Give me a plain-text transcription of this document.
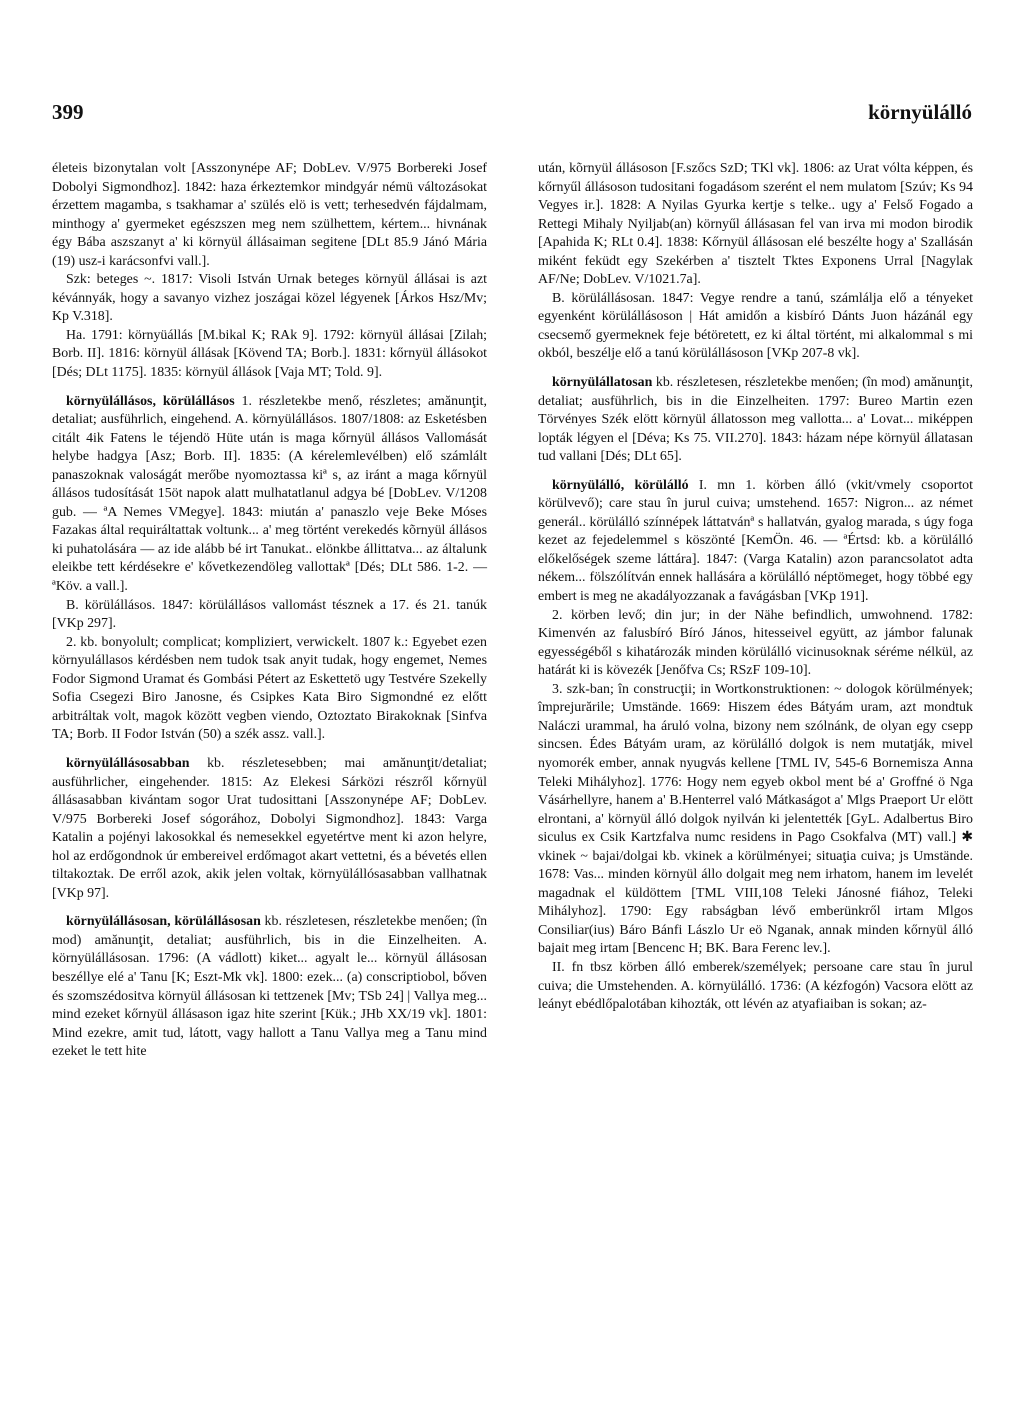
399	környülálló

életeis bizonytalan volt [Asszonynépe AF; DobLev. V/975 Borbereki Josef Dobolyi Sigmondhoz]. 1842: haza érkeztemkor mindgyár némü változásokat érzettem magamba, s tsakhamar a' szülés elö is vett; terhesedvén fájdalmam, minthogy a' gyermeket egészszen meg nem szülhettem, kértem... hivnának égy Bába aszszanyt a' ki környül állásaiman segitene [DLt 85.9 Jánó Mária (19) usz-i karácsonfvi vall.].

Szk: beteges ~. 1817: Visoli István Urnak beteges környül állásai is azt kévánnyák, hogy a savanyo vizhez joszágai közel légyenek [Árkos Hsz/Mv; Kp V.318].

Ha. 1791: környüállás [M.bikal K; RAk 9]. 1792: környül állásai [Zilah; Borb. II]. 1816: környül állásak [Kövend TA; Borb.]. 1831: kőrnyül állásokot [Dés; DLt 1175]. 1835: környül állások [Vaja MT; Told. 9].

környülállásos, körülállásos 1. részletekbe menő, részletes; amănunţit, detaliat; ausführlich, eingehend. A. környülállásos. 1807/1808: az Esketésben citált 4ik Fatens le téjendö Hüte után is maga kőrnyül állásos Vallomását helybe hadgya [Asz; Borb. II]. 1835: (A kérelemlevélben) elő számlált panaszoknak valoságát merőbe nyomoztassa kiª s, az iránt a maga kőrnyül állásos tudosítását 15öt napok alatt mulhatatlanul adgya bé [DobLev. V/1208 gub. — ªA Nemes VMegye]. 1843: miután a' panaszlo veje Beke Móses Fazakas által requiráltattak voltunk... a' meg történt verekedés kõrnyül állásos ki puhatolására — az ide alább bé irt Tanukat.. elönkbe állittatva... az általunk eleikbe tett kérdésekre e' kővetkezendöleg vallottakª [Dés; DLt 586. 1-2. — ªKöv. a vall.].

B. körülállásos. 1847: körülállásos vallomást tésznek a 17. és 21. tanúk [VKp 297].

2. kb. bonyolult; complicat; kompliziert, verwickelt. 1807 k.: Egyebet ezen környulállasos kérdésben nem tudok tsak anyit tudak, hogy engemet, Nemes Fodor Sigmond Uramat és Gombási Pétert az Eskettetö ugy Testvére Szekelly Sofia Csegezi Biro Janosne, és Csipkes Kata Biro Sigmondné ez előtt arbitráltak volt, magok között vegben viendo, Oztoztato Birakoknak [Sinfva TA; Borb. II Fodor István (50) a szék assz. vall.].

környülállásosabban kb. részletesebben; mai amănunţit/detaliat; ausführlicher, eingehender. 1815: Az Elekesi Sárközi részről kőrnyül állásasabban kivántam sogor Urat tudosittani [Asszonynépe AF; DobLev. V/975 Borbereki Josef sógorához, Dobolyi Sigmondhoz]. 1843: Varga Katalin a pojényi lakosokkal és nemesekkel egyetértve ment ki azon helyre, hol az erdőgondnok úr embereivel erdőmagot akart vettetni, és a bévetés ellen tiltakoztak. De erről azok, akik jelen voltak, környülállósasabban vallhatnak [VKp 97].

környülállásosan, körülállásosan kb. részletesen, részletekbe menően; (în mod) amănunţit, detaliat; ausführlich, bis in die Einzelheiten. A. környülállásosan. 1796: (A vádlott) kiket... agyalt le... környül állásosan beszéllye elé a' Tanu [K; Eszt-Mk vk]. 1800: ezek... (a) conscriptiobol, bőven és szomszédositva környül állásosan ki tettzenek [Mv; TSb 24] | Vallya meg... mind ezeket kőrnyül állásason igaz hite szerint [Kük.; JHb XX/19 vk]. 1801: Mind ezekre, amit tud, látott, vagy hallott a Tanu Vallya meg a Tanu mind ezeket le tett hite

után, kõrnyül állásoson [F.szőcs SzD; TKl vk]. 1806: az Urat vólta képpen, és kőrnyűl állásoson tudositani fogadásom szerént el nem mulatom [Szúv; Ks 94 Vegyes ir.]. 1828: A Nyilas Gyurka kertje s telke.. ugy a' Felső Fogado a Rettegi Mihaly Nyiljab(an) környűl állásasan fel van irva mi modon birodik [Apahida K; RLt 0.4]. 1838: Kőrnyül állásosan elé beszélte hogy a' Szallásán miként feküdt egy Szekérben a' tisztelt Tktes Exponens Urral [Nagylak AF/Ne; DobLev. V/1021.7a].

B. körülállásosan. 1847: Vegye rendre a tanú, számlálja elő a tényeket egyenként körülállásoson | Hát amidőn a kisbíró Dánts Juon házánál egy csecsemő gyermeknek feje bétöretett, ez ki által történt, mi alkalommal s mi okból, beszélje elő a tanú körülállásoson [VKp 207-8 vk].

környülállatosan kb. részletesen, részletekbe menően; (în mod) amănunţit, detaliat; ausführlich, bis in die Einzelheiten. 1797: Bureo Martin ezen Törvényes Szék elött környül állatosson meg vallotta... a' Lovat... miképpen lopták légyen el [Déva; Ks 75. VII.270]. 1843: házam népe környül állatasan tud vallani [Dés; DLt 65].

környülálló, körülálló I. mn 1. körben álló (vkit/vmely csoportot körülvevő); care stau în jurul cuiva; umstehend. 1657: Nigron... az német generál.. körülálló színnépek láttatvánª s hallatván, gyalog marada, s úgy foga kezet az fejedelemmel s köszönté [KemÖn. 46. — ªÉrtsd: kb. a körülálló előkelőségek szeme láttára]. 1847: (Varga Katalin) azon parancsolatot adta nékem... fölszólítván ennek hallására a körülálló néptömeget, hogy többé egy embert is meg ne akadályozzanak a favágásban [VKp 191].

2. körben levő; din jur; in der Nähe befindlich, umwohnend. 1782: Kimenvén az falusbíró Bíró János, hitesseivel együtt, az jámbor falunak egyességéből s kihatározák minden körülálló vicinusoknak séréme nélkül, az határát ki is kövezék [Jenőfva Cs; RSzF 109-10].

3. szk-ban; în construcţii; in Wortkonstruktionen: ~ dologok körülmények; împrejurările; Umstände. 1669: Hiszem édes Bátyám uram, azt mondtuk Naláczi urammal, ha áruló volna, bizony nem szólnánk, de olyan egy csepp sincsen. Édes Bátyám uram, az körülálló dolgok is nem mutatják, mivel nyomorék ember, annak nyugvás kellene [TML IV, 545-6 Bornemisza Anna Teleki Mihályhoz]. 1776: Hogy nem egyeb okbol ment bé a' Groffné ö Nga Vásárhellyre, hanem a' B.Henterrel való Mátkaságot a' Mlgs Praeport Ur elött elrontani, a' környül álló dolgok nyilván ki jelentették [GyL. Adalbertus Biro siculus ex Csik Kartzfalva numc residens in Pago Csokfalva (MT) vall.] ✱ vkinek ~ bajai/dolgai kb. vkinek a körülményei; situaţia cuiva; js Umstände. 1678: Vas... minden környül állo dolgait meg nem irhatom, hanem im levelét magadnak el küldöttem [TML VIII,108 Teleki Jánosné fiához, Teleki Mihályhoz]. 1790: Egy rabságban lévő emberünkről irtam Mlgos Consiliar(ius) Báro Bánfi Lászlo Ur eö Nganak, annak minden kőrnyül álló bajait meg irtam [Bencenc H; BK. Bara Ferenc lev.].

II. fn tbsz körben álló emberek/személyek; persoane care stau în jurul cuiva; die Umstehenden. A. környülálló. 1736: (A kézfogón) Vacsora elött az leányt ebédlőpalotában kihozták, ott lévén az atyafiaiban is sokan; az-
